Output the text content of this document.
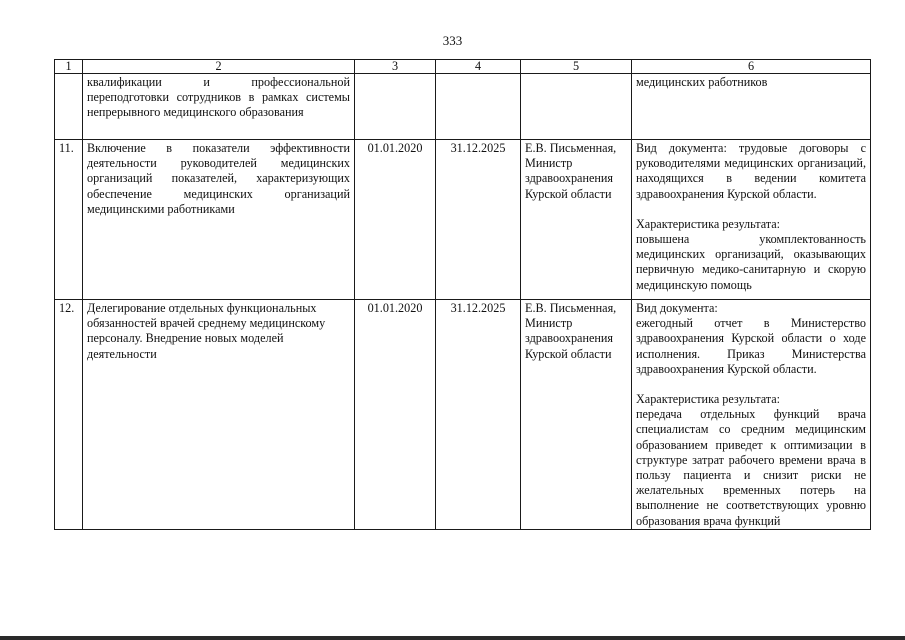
333
1	2	3	4	5	6
	квалификации и профессиональной переподготовки сотрудников в рамках системы непрерывного медицинского образования				медицинских работников

11.	Включение в показатели эффективности деятельности руководителей медицинских организаций показателей, характеризующих обеспечение медицинских организаций медицинскими работниками	01.01.2020	31.12.2025	Е.В. Письменная, Министр здравоохранения Курской области	Вид документа: трудовые договоры с руководителями медицинских организаций, находящихся в ведении комитета здравоохранения Курской области.
Характеристика результата:
повышена укомплектованность медицинских организаций, оказывающих первичную медико-санитарную и скорую медицинскую помощь

12.	Делегирование отдельных функциональных обязанностей врачей среднему медицинскому персоналу. Внедрение новых моделей деятельности	01.01.2020	31.12.2025	Е.В. Письменная, Министр здравоохранения Курской области	Вид документа:
ежегодный отчет в Министерство здравоохранения Курской области о ходе исполнения. Приказ Министерства здравоохранения Курской области.
Характеристика результата:
передача отдельных функций врача специалистам со средним медицинским образованием приведет к оптимизации в структуре затрат рабочего времени врача в пользу пациента и снизит риски не желательных временных потерь на выполнение не соответствующих уровню образования врача функций
